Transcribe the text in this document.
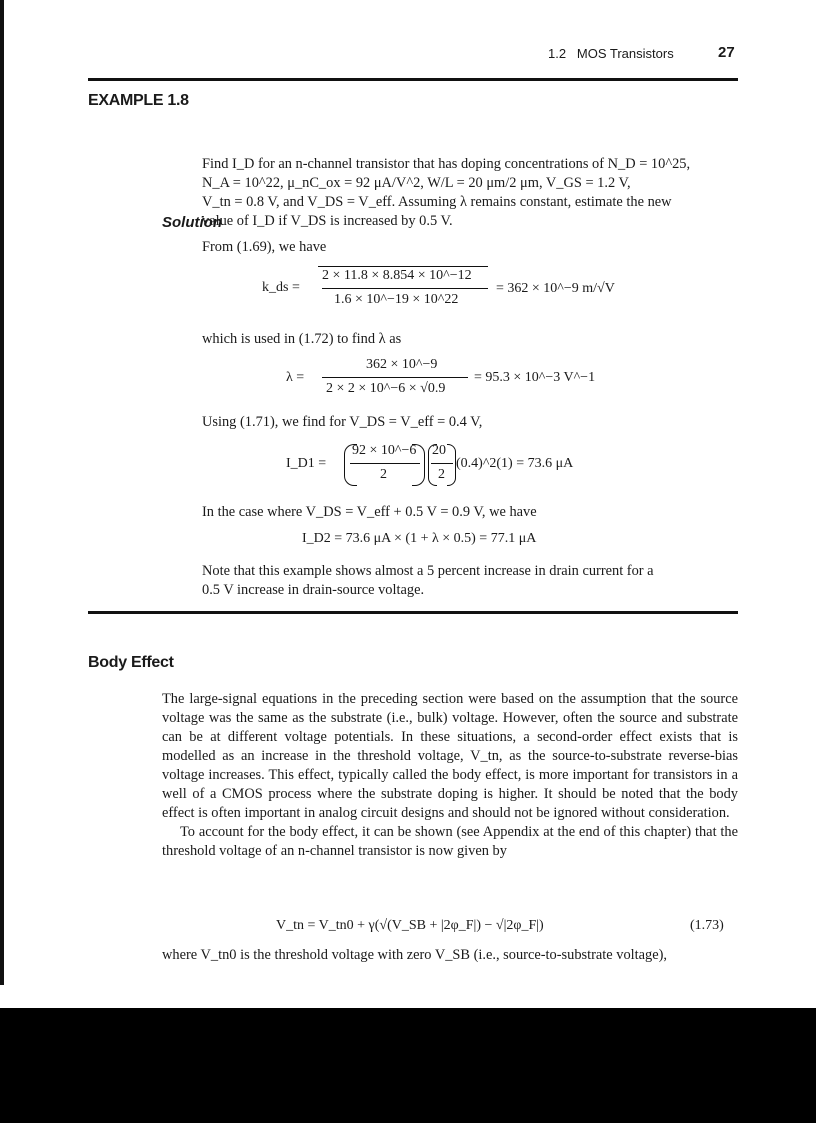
1.2   MOS Transistors	27
EXAMPLE 1.8
Find I_D for an n-channel transistor that has doping concentrations of N_D = 10^25,
N_A = 10^22, μ_nC_ox = 92 μA/V^2, W/L = 20 μm/2 μm, V_GS = 1.2 V,
V_tn = 0.8 V, and V_DS = V_eff. Assuming λ remains constant, estimate the new
value of I_D if V_DS is increased by 0.5 V.
Solution
From (1.69), we have
k_ds =
2 × 11.8 × 8.854 × 10^−12
1.6 × 10^−19 × 10^22
= 362 × 10^−9 m/√V
which is used in (1.72) to find λ as
λ =
362 × 10^−9
2 × 2 × 10^−6 × √0.9
= 95.3 × 10^−3 V^−1
Using (1.71), we find for V_DS = V_eff = 0.4 V,
I_D1 =
92 × 10^−6
2
20
2
(0.4)^2(1) = 73.6 μA
In the case where V_DS = V_eff + 0.5 V = 0.9 V, we have
I_D2 = 73.6 μA × (1 + λ × 0.5) = 77.1 μA
Note that this example shows almost a 5 percent increase in drain current for a
0.5 V increase in drain-source voltage.
Body Effect

The large-signal equations in the preceding section were based on the assumption that the source voltage was the same as the substrate (i.e., bulk) voltage. However, often the source and substrate can be at different voltage potentials. In these situations, a second-order effect exists that is modelled as an increase in the threshold voltage, V_tn, as the source-to-substrate reverse-bias voltage increases. This effect, typically called the body effect, is more important for transistors in a well of a CMOS process where the substrate doping is higher. It should be noted that the body effect is often important in analog circuit designs and should not be ignored without consideration.

To account for the body effect, it can be shown (see Appendix at the end of this chapter) that the threshold voltage of an n-channel transistor is now given by

V_tn = V_tn0 + γ(√(V_SB + |2φ_F|) − √|2φ_F|)	(1.73)
where V_tn0 is the threshold voltage with zero V_SB (i.e., source-to-substrate voltage),
